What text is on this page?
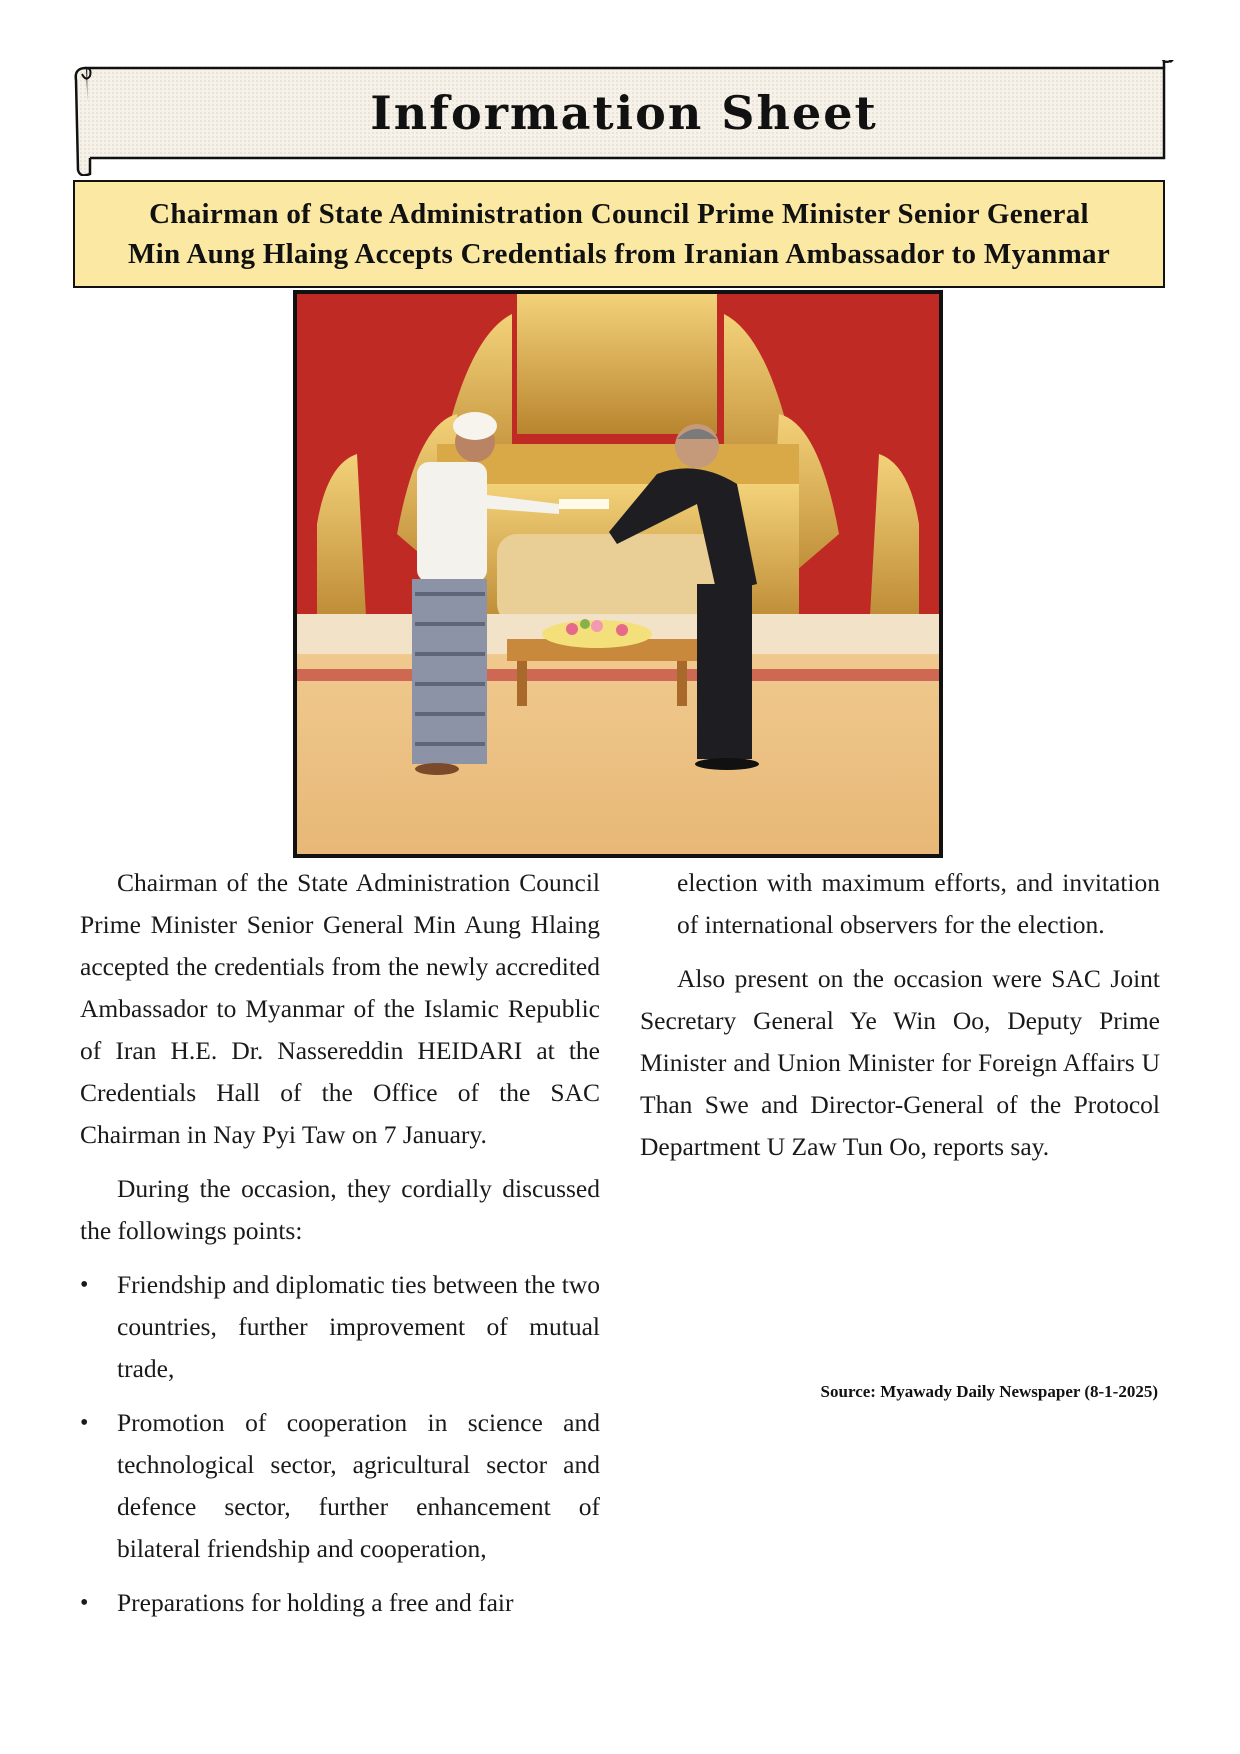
Information Sheet
Chairman of State Administration Council Prime Minister Senior General
Min Aung Hlaing Accepts Credentials from Iranian Ambassador to Myanmar

Chairman of the State Administration Council Prime Minister Senior General Min Aung Hlaing accepted the credentials from the newly accredited Ambassador to Myanmar of the Islamic Republic of Iran H.E. Dr. Nassereddin HEIDARI at the Credentials Hall of the Office of the SAC Chairman in Nay Pyi Taw on 7 January.

During the occasion, they cordially discussed the followings points:

• Friendship and diplomatic ties between the two countries, further improvement of mutual trade,
• Promotion of cooperation in science and technological sector, agricultural sector and defence sector, further enhancement of bilateral friendship and cooperation,
• Preparations for holding a free and fair

election with maximum efforts, and invitation of international observers for the election.

Also present on the occasion were SAC Joint Secretary General Ye Win Oo, Deputy Prime Minister and Union Minister for Foreign Affairs U Than Swe and Director-General of the Protocol Department U Zaw Tun Oo, reports say.

Source: Myawady Daily Newspaper (8-1-2025)
